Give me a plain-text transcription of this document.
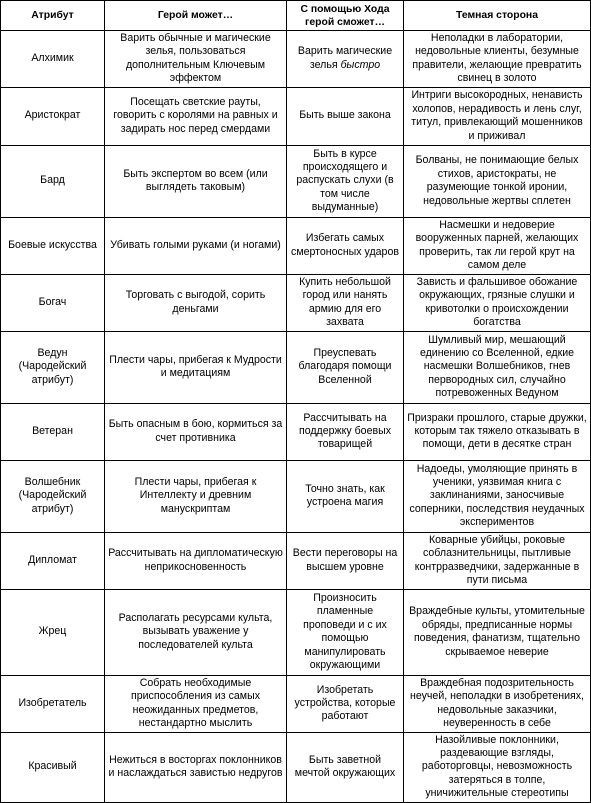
Атрибут	Герой может…	С помощью Хода герой сможет…	Темная сторона
Алхимик	Варить обычные и магические зелья, пользоваться дополнительным Ключевым эффектом	Варить магические зелья быстро	Неполадки в лаборатории, недовольные клиенты, безумные правители, желающие превратить свинец в золото
Аристократ	Посещать светские рауты, говорить с королями на равных и задирать нос перед смердами	Быть выше закона	Интриги высокородных, ненависть холопов, нерадивость и лень слуг, титул, привлекающий мошенников и приживал
Бард	Быть экспертом во всем (или выглядеть таковым)	Быть в курсе происходящего и распускать слухи (в том числе выдуманные)	Болваны, не понимающие белых стихов, аристократы, не разумеющие тонкой иронии, недовольные жертвы сплетен
Боевые искусства	Убивать голыми руками (и ногами)	Избегать самых смертоносных ударов	Насмешки и недоверие вооруженных парней, желающих проверить, так ли герой крут на самом деле
Богач	Торговать с выгодой, сорить деньгами	Купить небольшой город или нанять армию для его захвата	Зависть и фальшивое обожание окружающих, грязные слушки и кривотолки о происхождении богатства
Ведун (Чародейский атрибут)	Плести чары, прибегая к Мудрости и медитациям	Преуспевать благодаря помощи Вселенной	Шумливый мир, мешающий единению со Вселенной, едкие насмешки Волшебников, гнев первородных сил, случайно потревоженных Ведуном
Ветеран	Быть опасным в бою, кормиться за счет противника	Рассчитывать на поддержку боевых товарищей	Призраки прошлого, старые дружки, которым так тяжело отказывать в помощи, дети в десятке стран
Волшебник (Чародейский атрибут)	Плести чары, прибегая к Интеллекту и древним манускриптам	Точно знать, как устроена магия	Надоеды, умоляющие принять в ученики, уязвимая книга с заклинаниями, заносчивые соперники, последствия неудачных экспериментов
Дипломат	Рассчитывать на дипломатическую неприкосновенность	Вести переговоры на высшем уровне	Коварные убийцы, роковые соблазнительницы, пытливые контрразведчики, задержанные в пути письма
Жрец	Располагать ресурсами культа, вызывать уважение у последователей культа	Произносить пламенные проповеди и с их помощью манипулировать окружающими	Враждебные культы, утомительные обряды, предписанные нормы поведения, фанатизм, тщательно скрываемое неверие
Изобретатель	Собрать необходимые приспособления из самых неожиданных предметов, нестандартно мыслить	Изобретать устройства, которые работают	Враждебная подозрительность неучей, неполадки в изобретениях, недовольные заказчики, неуверенность в себе
Красивый	Нежиться в восторгах поклонников и наслаждаться завистью недругов	Быть заветной мечтой окружающих	Назойливые поклонники, раздевающие взгляды, работорговцы, невозможность затеряться в толпе, уничижительные стереотипы
